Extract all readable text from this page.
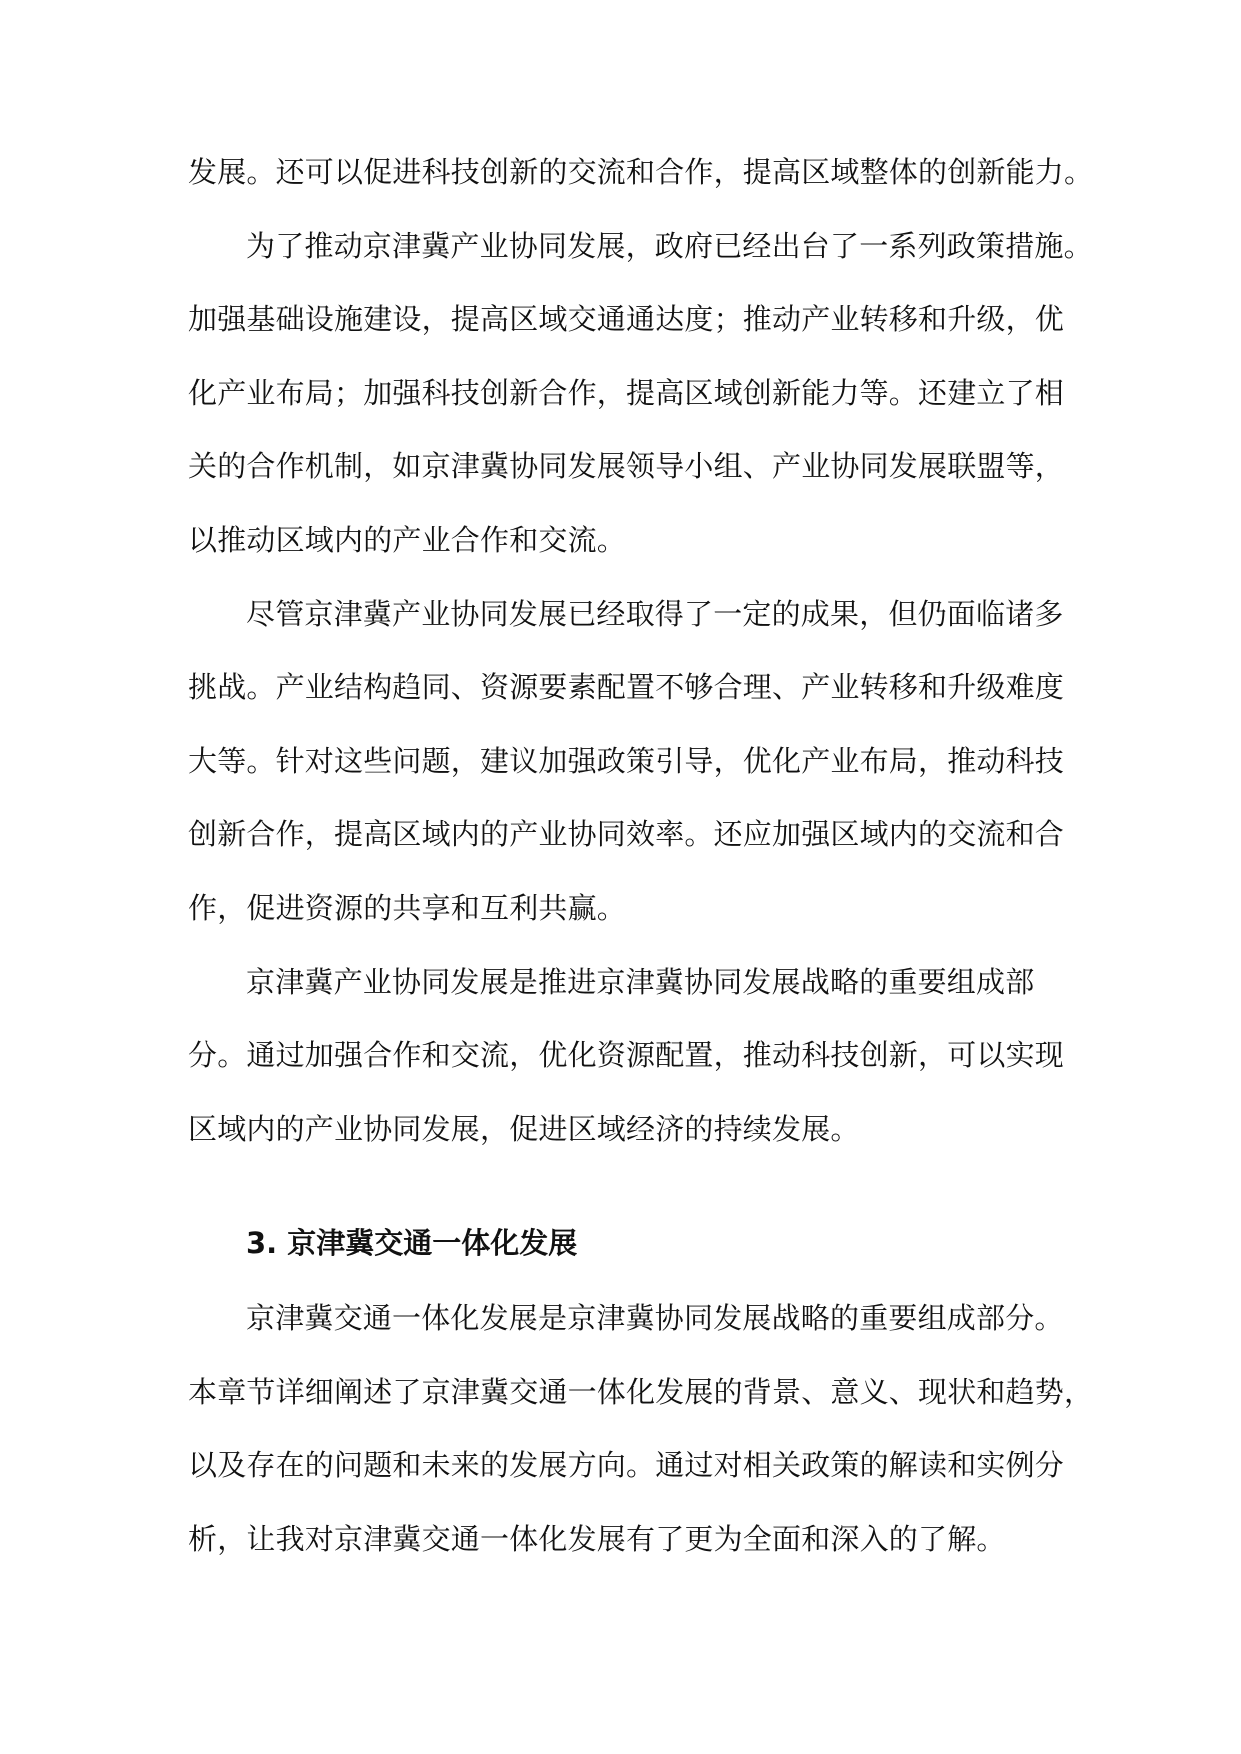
发展。还可以促进科技创新的交流和合作，提高区域整体的创新能力。

为了推动京津冀产业协同发展，政府已经出台了一系列政策措施。
加强基础设施建设，提高区域交通通达度；推动产业转移和升级，优
化产业布局；加强科技创新合作，提高区域创新能力等。还建立了相
关的合作机制，如京津冀协同发展领导小组、产业协同发展联盟等，
以推动区域内的产业合作和交流。

尽管京津冀产业协同发展已经取得了一定的成果，但仍面临诸多
挑战。产业结构趋同、资源要素配置不够合理、产业转移和升级难度
大等。针对这些问题，建议加强政策引导，优化产业布局，推动科技
创新合作，提高区域内的产业协同效率。还应加强区域内的交流和合
作，促进资源的共享和互利共赢。

京津冀产业协同发展是推进京津冀协同发展战略的重要组成部
分。通过加强合作和交流，优化资源配置，推动科技创新，可以实现
区域内的产业协同发展，促进区域经济的持续发展。

3. 京津冀交通一体化发展

京津冀交通一体化发展是京津冀协同发展战略的重要组成部分。
本章节详细阐述了京津冀交通一体化发展的背景、意义、现状和趋势，
以及存在的问题和未来的发展方向。通过对相关政策的解读和实例分
析，让我对京津冀交通一体化发展有了更为全面和深入的了解。
